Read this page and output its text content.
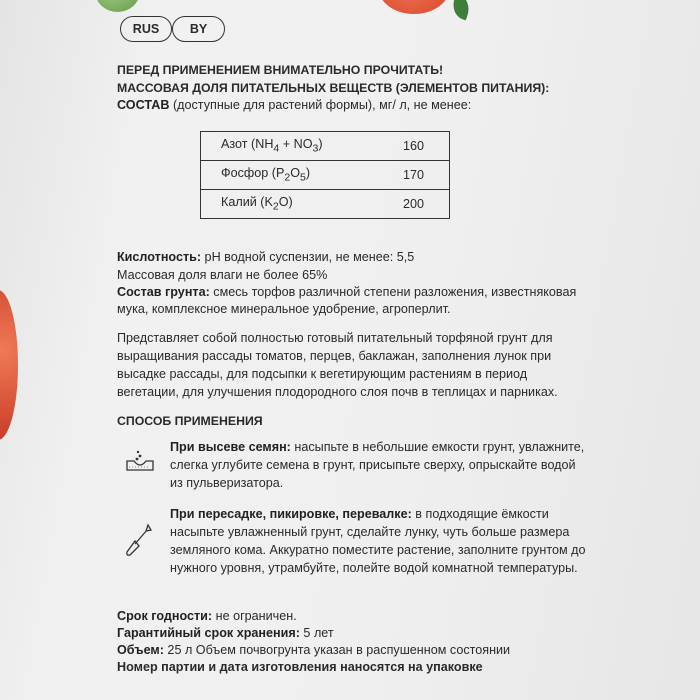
RUS	BY
ПЕРЕД ПРИМЕНЕНИЕМ ВНИМАТЕЛЬНО ПРОЧИТАТЬ!
МАССОВАЯ ДОЛЯ ПИТАТЕЛЬНЫХ ВЕЩЕСТВ (ЭЛЕМЕНТОВ ПИТАНИЯ):
СОСТАВ (доступные для растений формы), мг/ л, не менее:
Азот $(NH_4 + NO_3)$	160
Фосфор $(P_2O_5)$	170
Калий $(K_2O)$	200
Кислотность: pH водной суспензии, не менее: 5,5
Массовая доля влаги не более 65%
Состав грунта: смесь торфов различной степени разложения, известняковая
мука, комплексное минеральное удобрение, агроперлит.
Представляет собой полностью готовый питательный торфяной грунт для
выращивания рассады томатов, перцев, баклажан, заполнения лунок при
высадке рассады, для подсыпки к вегетирующим растениям в период
вегетации, для улучшения плодородного слоя почв в теплицах и парниках.
СПОСОБ ПРИМЕНЕНИЯ
При высеве семян: насыпьте в небольшие емкости грунт, увлажните,
слегка углубите семена в грунт, присыпьте сверху, опрыскайте водой
из пульверизатора.
При пересадке, пикировке, перевалке: в подходящие ёмкости
насыпьте увлажненный грунт, сделайте лунку, чуть больше размера
земляного кома. Аккуратно поместите растение, заполните грунтом до
нужного уровня, утрамбуйте, полейте водой комнатной температуры.
Срок годности: не ограничен.
Гарантийный срок хранения: 5 лет
Объем: 25 л Объем почвогрунта указан в распушенном состоянии
Номер партии и дата изготовления наносятся на упаковке
